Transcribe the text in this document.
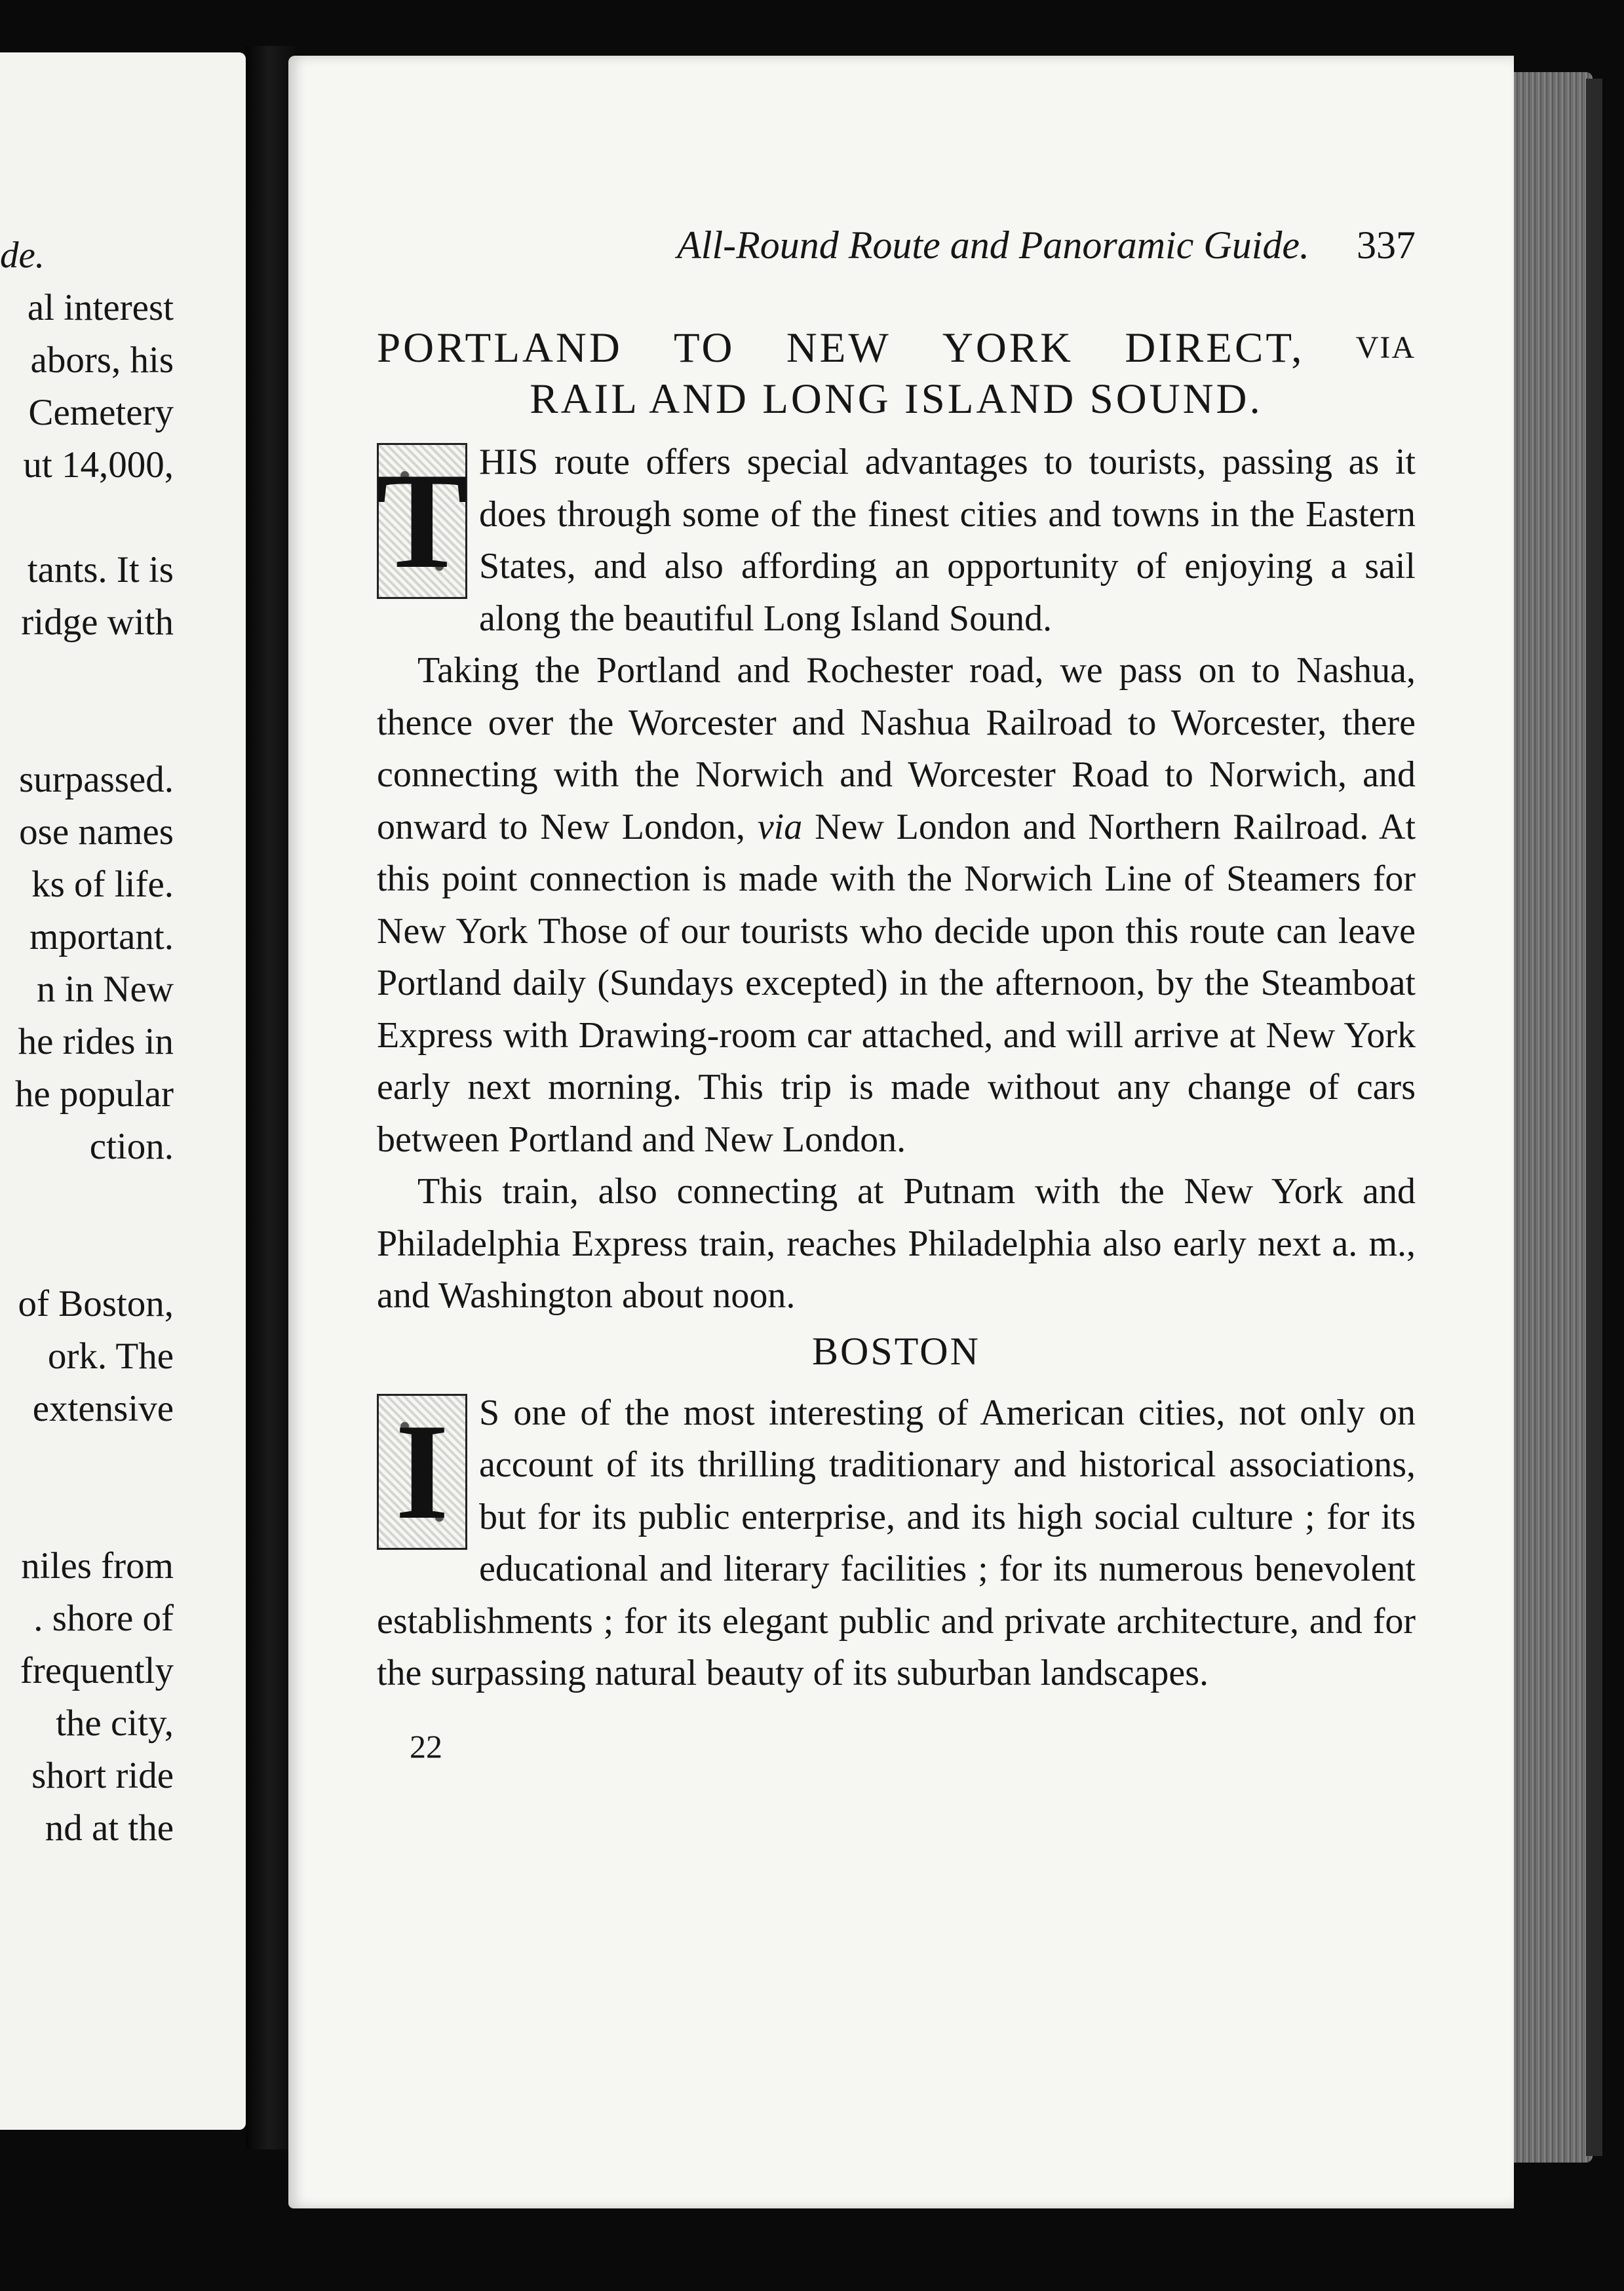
de.
al interest
abors, his
Cemetery
ut 14,000,
tants. It is
ridge with
surpassed.
ose names
ks of life.
mportant.
n in New
he rides in
he popular
ction.
of Boston,
ork. The
extensive
niles from
. shore of
frequently
the city,
short ride
nd at the
All-Round Route and Panoramic Guide. 337
PORTLAND TO NEW YORK DIRECT, VIA
RAIL AND LONG ISLAND SOUND.

T HIS route offers special advantages to tourists, passing as it does through some of the finest cities and towns in the Eastern States, and also affording an opportunity of enjoying a sail along the beautiful Long Island Sound.

Taking the Portland and Rochester road, we pass on to Nashua, thence over the Worcester and Nashua Railroad to Worcester, there connecting with the Norwich and Worcester Road to Norwich, and onward to New London, via New London and Northern Railroad. At this point connection is made with the Norwich Line of Steamers for New York Those of our tourists who decide upon this route can leave Portland daily (Sundays excepted) in the afternoon, by the Steamboat Express with Drawing-room car attached, and will arrive at New York early next morning. This trip is made without any change of cars between Portland and New London.

This train, also connecting at Putnam with the New York and Philadelphia Express train, reaches Philadelphia also early next a. m., and Washington about noon.

BOSTON

I S one of the most interesting of American cities, not only on account of its thrilling traditionary and historical associations, but for its public enterprise, and its high social culture ; for its educational and literary facilities ; for its numerous benevolent establishments ; for its elegant public and private architecture, and for the surpassing natural beauty of its suburban landscapes.

22
